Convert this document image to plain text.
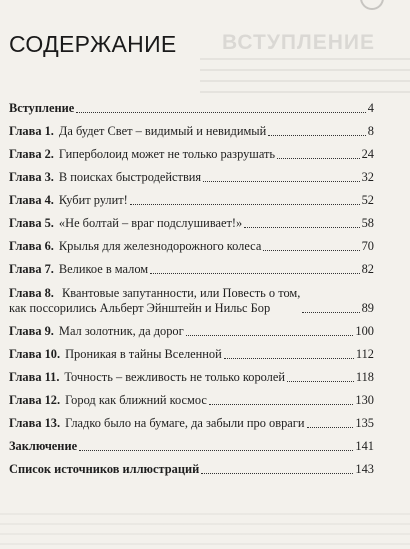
ВСТУПЛЕНИЕ
СОДЕРЖАНИЕ
Вступление	4
Глава 1. Да будет Свет – видимый и невидимый	8
Глава 2. Гиперболоид может не только разрушать	24
Глава 3. В поисках быстродействия	32
Глава 4. Кубит рулит!	52
Глава 5. «Не болтай – враг подслушивает!»	58
Глава 6. Крылья для железнодорожного колеса	70
Глава 7. Великое в малом	82
Глава 8. Квантовые запутанности, или Повесть о том,
как поссорились Альберт Эйнштейн и Нильс Бор	89
Глава 9. Мал золотник, да дорог	100
Глава 10. Проникая в тайны Вселенной	112
Глава 11. Точность – вежливость не только королей	118
Глава 12. Город как ближний космос	130
Глава 13. Гладко было на бумаге, да забыли про овраги	135
Заключение	141
Список источников иллюстраций	143
